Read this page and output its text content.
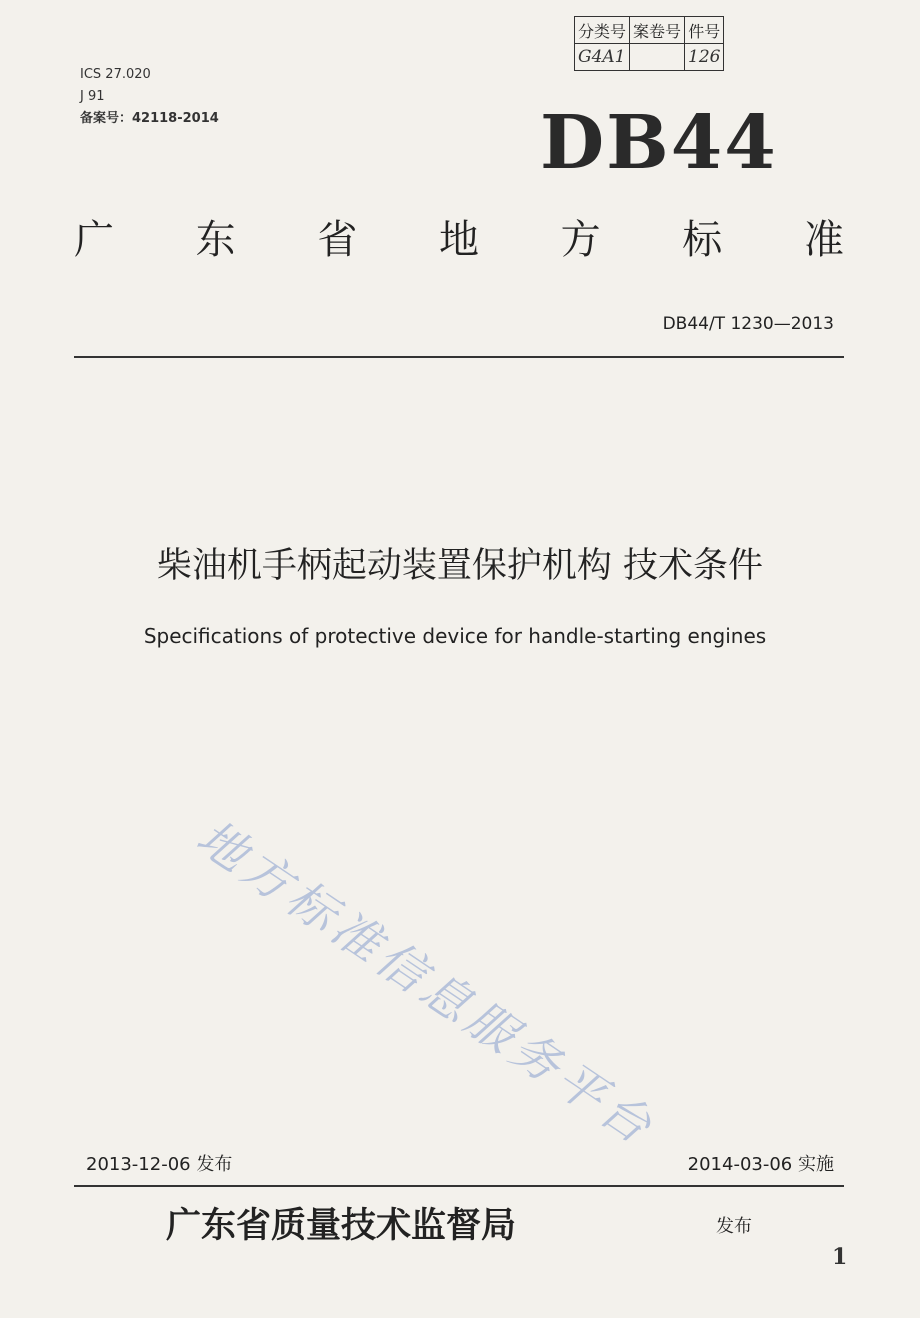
分类号	案卷号	件号
G4A1		126
ICS 27.020
J 91
备案号：42118-2014	DB44
广 东 省 地 方 标 准
DB44/T 1230—2013
柴油机手柄起动装置保护机构 技术条件
Specifications of protective device for handle-starting engines
地方标准信息服务平台
2013-12-06 发布	2014-03-06 实施
广东省质量技术监督局	发布
1
